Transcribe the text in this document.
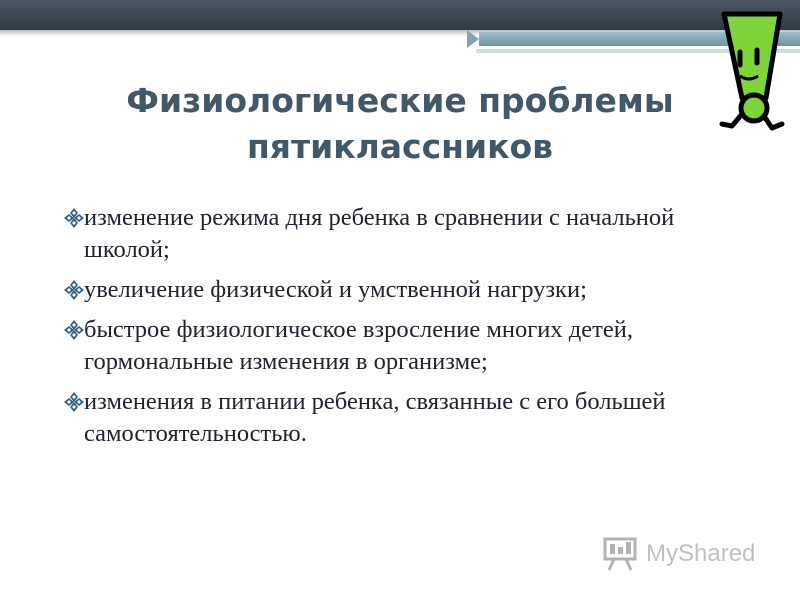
Физиологические проблемы пятиклассников
изменение режима дня ребенка в сравнении с начальной школой;
увеличение физической и умственной нагрузки;
быстрое физиологическое взросление многих детей, гормональные изменения в организме;
изменения в питании ребенка, связанные с его большей самостоятельностью.
MyShared
